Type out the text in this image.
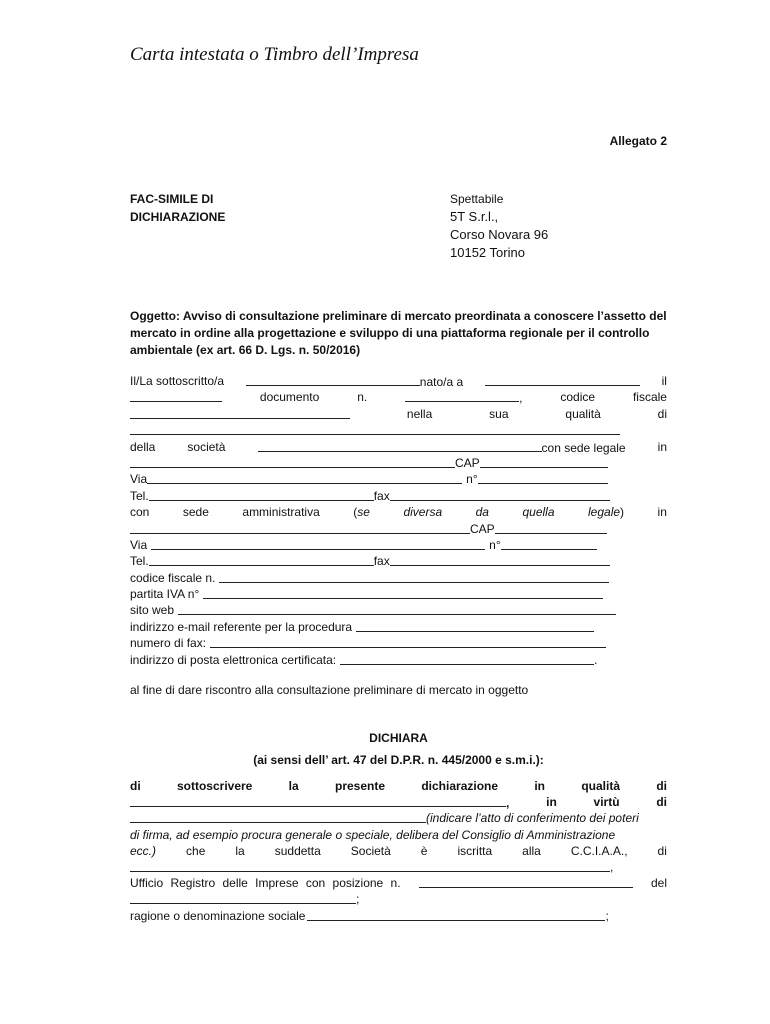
Carta intestata o Timbro dell’Impresa
Allegato 2
FAC-SIMILE DI
DICHIARAZIONE
Spettabile
5T S.r.l.,
Corso Novara 96
10152 Torino
Oggetto: Avviso di consultazione preliminare di mercato preordinata a conoscere l’assetto del mercato in ordine alla progettazione e sviluppo di una piattaforma regionale per il controllo ambientale (ex art. 66 D. Lgs. n. 50/2016)
Il/La sottoscritto/a	nato/a a	il
documento	n.	,	codice	fiscale
nella	sua	qualità	di
della	società	con sede legale	in
CAP
Via	n°
Tel.	fax
con	sede	amministrativa	(se	diversa	da	quella	legale)	in
CAP
Via	n°
Tel.	fax
codice fiscale n.
partita IVA n°
sito web
indirizzo e-mail referente per la procedura
numero di fax:
indirizzo di posta elettronica certificata:	.
al fine di dare riscontro alla consultazione preliminare di mercato in oggetto
DICHIARA
(ai sensi dell’ art. 47 del D.P.R. n. 445/2000 e s.m.i.):
di	sottoscrivere	la	presente	dichiarazione	in	qualità	di
,	in	virtù	di
(indicare l’atto di conferimento dei poteri
di firma, ad esempio procura generale o speciale, delibera del Consiglio di Amministrazione
ecc.)	che	la	suddetta	Società	è	iscritta	alla	C.C.I.A.A.,	di
,
Ufficio Registro delle Imprese con posizione n.	del
;
ragione o denominazione sociale	;
